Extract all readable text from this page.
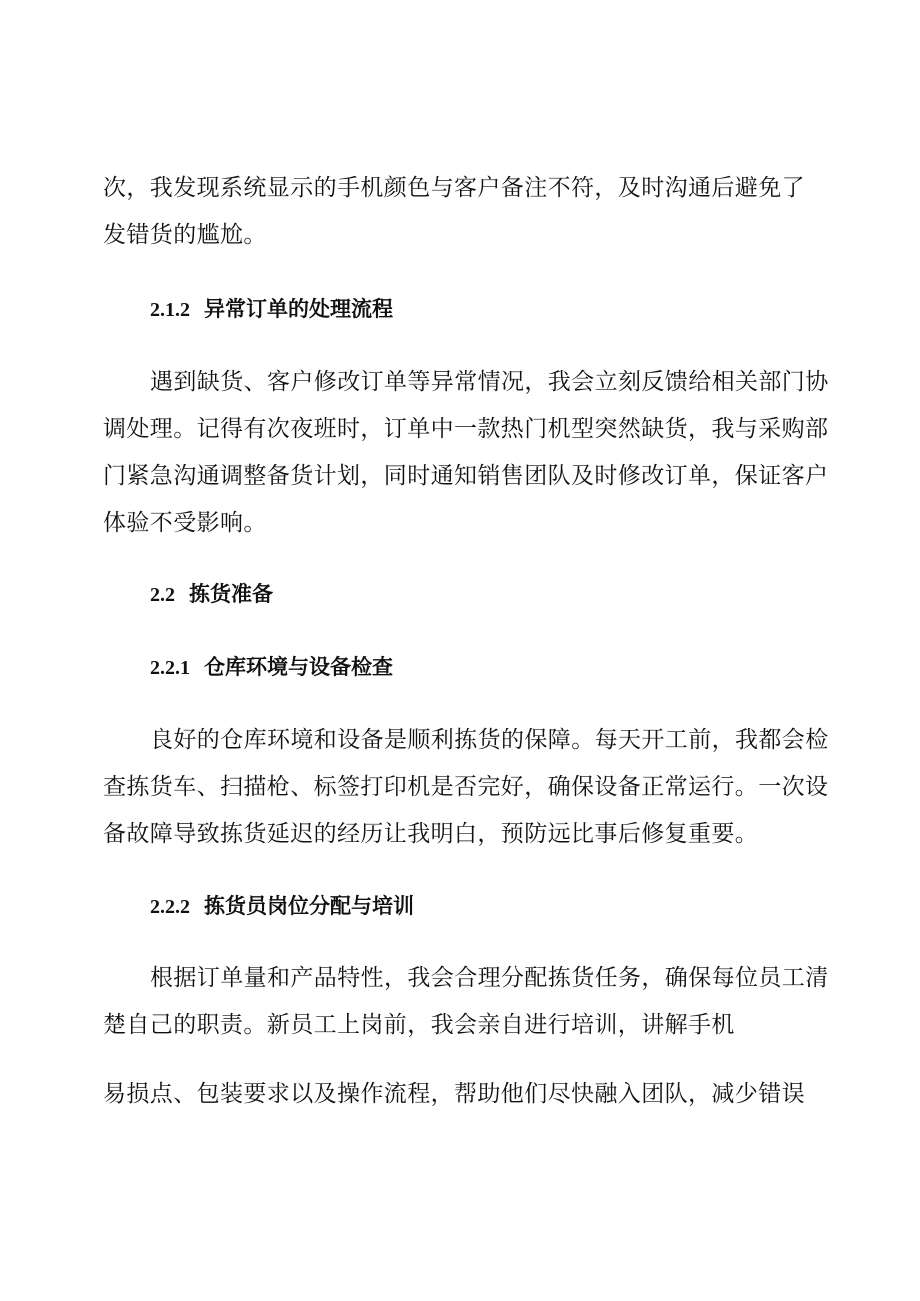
次，我发现系统显示的手机颜色与客户备注不符，及时沟通后避免了
发错货的尴尬。
2.1.2 异常订单的处理流程
遇到缺货、客户修改订单等异常情况，我会立刻反馈给相关部门协
调处理。记得有次夜班时，订单中一款热门机型突然缺货，我与采购部
门紧急沟通调整备货计划，同时通知销售团队及时修改订单，保证客户
体验不受影响。
2.2 拣货准备
2.2.1 仓库环境与设备检查
良好的仓库环境和设备是顺利拣货的保障。每天开工前，我都会检
查拣货车、扫描枪、标签打印机是否完好，确保设备正常运行。一次设
备故障导致拣货延迟的经历让我明白，预防远比事后修复重要。
2.2.2 拣货员岗位分配与培训
根据订单量和产品特性，我会合理分配拣货任务，确保每位员工清
楚自己的职责。新员工上岗前，我会亲自进行培训，讲解手机
易损点、包装要求以及操作流程，帮助他们尽快融入团队，减少错误
